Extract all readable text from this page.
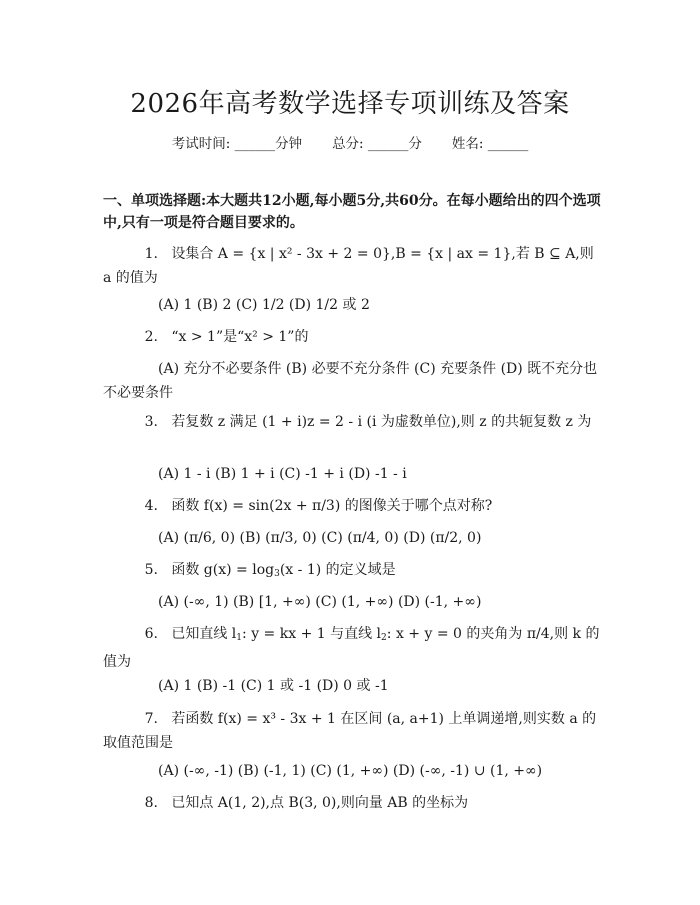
2026年高考数学选择专项训练及答案
考试时间: ______分钟 总分: ______分 姓名: ______
一、单项选择题:本大题共12小题,每小题5分,共60分。在每小题给出的四个选项中,只有一项是符合题目要求的。
1. 设集合 A = {x | x² - 3x + 2 = 0},B = {x | ax = 1},若 B ⊆ A,则 a 的值为
(A) 1 (B) 2 (C) 1/2 (D) 1/2 或 2
2. “x > 1”是“x² > 1”的
(A) 充分不必要条件 (B) 必要不充分条件 (C) 充要条件 (D) 既不充分也不必要条件
3. 若复数 z 满足 (1 + i)z = 2 - i (i 为虚数单位),则 z 的共轭复数 z 为
(A) 1 - i (B) 1 + i (C) -1 + i (D) -1 - i
4. 函数 f(x) = sin(2x + π/3) 的图像关于哪个点对称?
(A) (π/6, 0) (B) (π/3, 0) (C) (π/4, 0) (D) (π/2, 0)
5. 函数 $g(x) = \log_3(x - 1)$ 的定义域是
(A) (-∞, 1) (B) [1, +∞) (C) (1, +∞) (D) (-1, +∞)
6. 已知直线 $l_1$: y = kx + 1 与直线 $l_2$: x + y = 0 的夹角为 π/4,则 k 的值为
(A) 1 (B) -1 (C) 1 或 -1 (D) 0 或 -1
7. 若函数 f(x) = x³ - 3x + 1 在区间 (a, a+1) 上单调递增,则实数 a 的取值范围是
(A) (-∞, -1) (B) (-1, 1) (C) (1, +∞) (D) (-∞, -1) ∪ (1, +∞)
8. 已知点 A(1, 2),点 B(3, 0),则向量 AB 的坐标为
